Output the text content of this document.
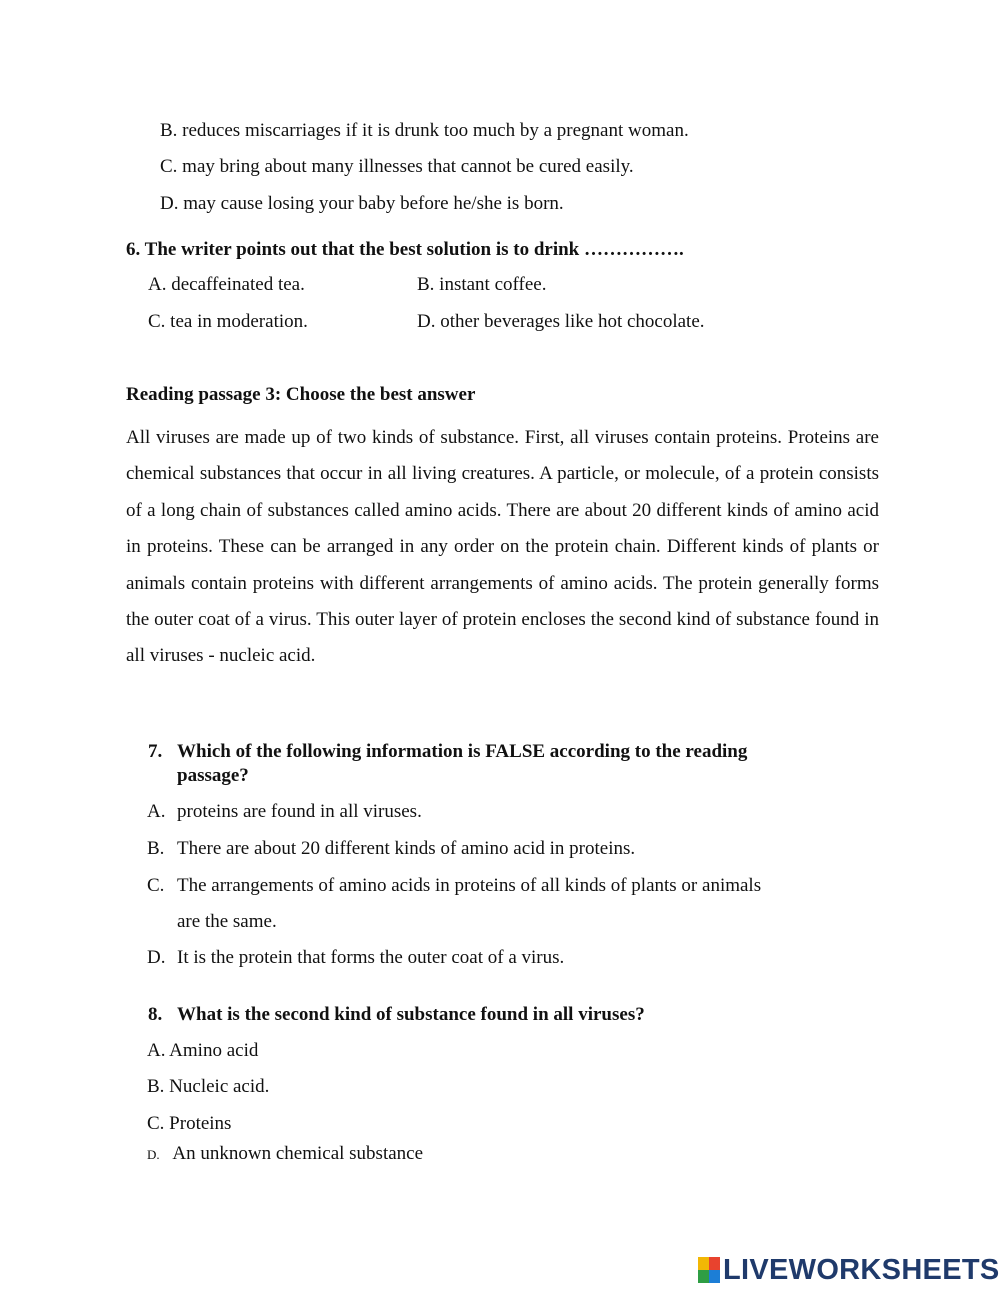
B. reduces miscarriages if it is drunk too much by a pregnant woman.
C. may bring about many illnesses that cannot be cured easily.
D. may cause losing your baby before he/she is born.
6. The writer points out that the best solution is to drink …………….
A. decaffeinated tea.	B. instant coffee.
C. tea in moderation.	D. other beverages like hot chocolate.
Reading passage 3: Choose the best answer
All viruses are made up of two kinds of substance. First, all viruses contain proteins. Proteins are chemical substances that occur in all living creatures. A particle, or molecule, of a protein consists of a long chain of substances called amino acids. There are about 20 different kinds of amino acid in proteins. These can be arranged in any order on the protein chain. Different kinds of plants or animals contain proteins with different arrangements of amino acids. The protein generally forms the outer coat of a virus. This outer layer of protein encloses the second kind of substance found in all viruses - nucleic acid.
7. Which of the following information is FALSE according to the reading
passage?
A. proteins are found in all viruses.
B. There are about 20 different kinds of amino acid in proteins.
C. The arrangements of amino acids in proteins of all kinds of plants or animals
are the same.
D. It is the protein that forms the outer coat of a virus.
8. What is the second kind of substance found in all viruses?
A. Amino acid
B. Nucleic acid.
C. Proteins
D. An unknown chemical substance
LIVEWORKSHEETS
